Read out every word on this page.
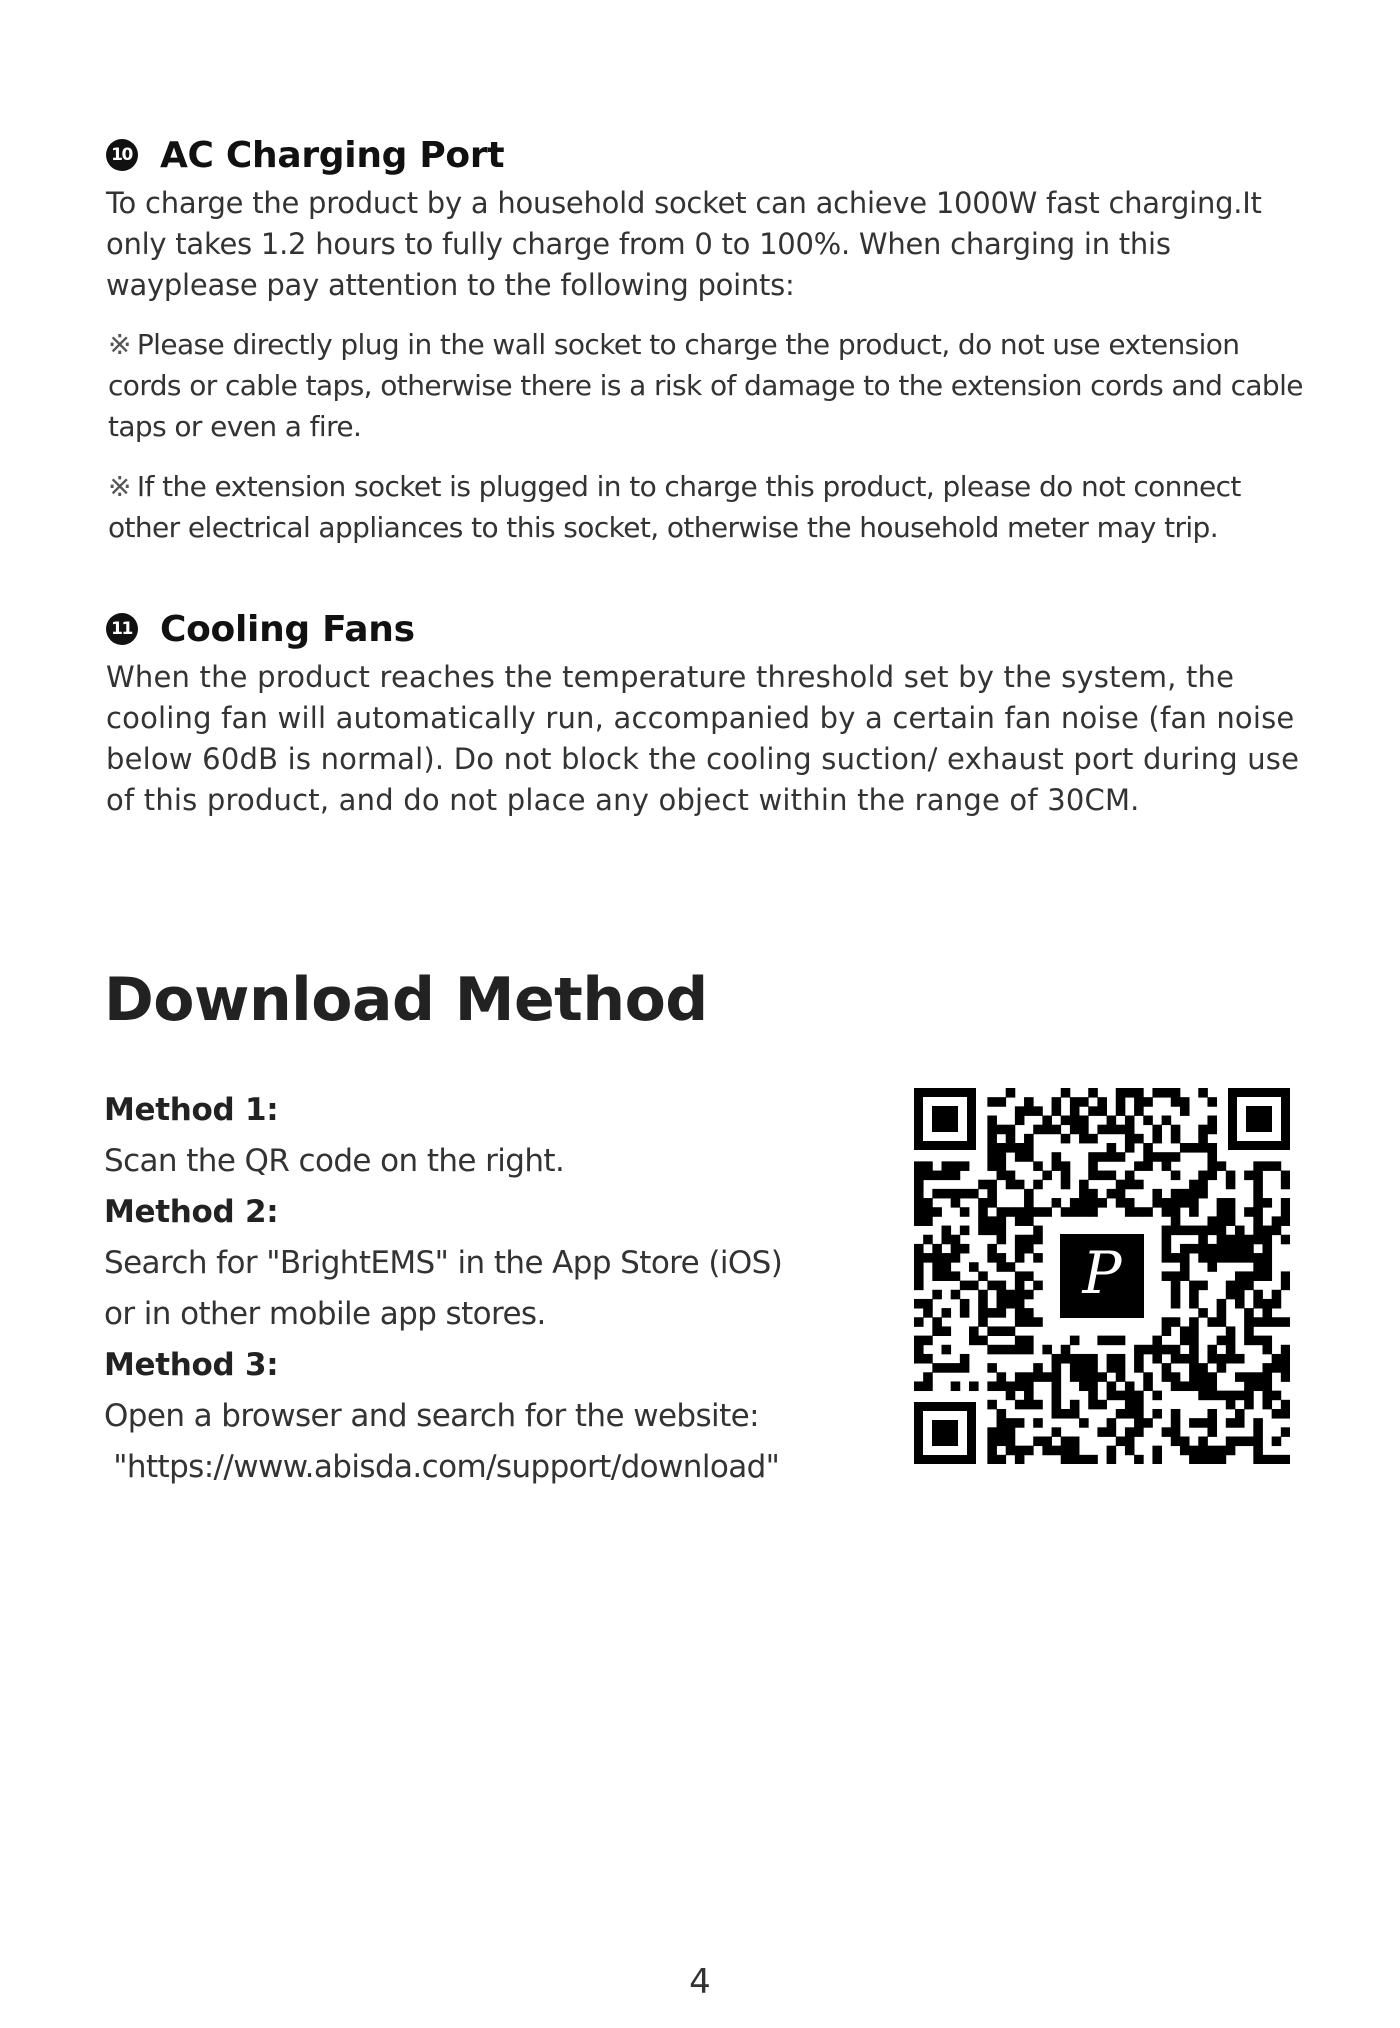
10 AC Charging Port

To charge the product by a household socket can achieve 1000W fast charging.It only takes 1.2 hours to fully charge from 0 to 100%. When charging in this wayplease pay attention to the following points:

※ Please directly plug in the wall socket to charge the product, do not use extension cords or cable taps, otherwise there is a risk of damage to the extension cords and cable taps or even a fire.

※ If the extension socket is plugged in to charge this product, please do not connect other electrical appliances to this socket, otherwise the household meter may trip.

11 Cooling Fans

When the product reaches the temperature threshold set by the system, the cooling fan will automatically run, accompanied by a certain fan noise (fan noise below 60dB is normal). Do not block the cooling suction/ exhaust port during use of this product, and do not place any object within the range of 30CM.

Download Method
Method 1:
Scan the QR code on the right.
Method 2:
Search for "BrightEMS" in the App Store (iOS)
or in other mobile app stores.
Method 3:
Open a browser and search for the website:
"https://www.abisda.com/support/download"
P
4
